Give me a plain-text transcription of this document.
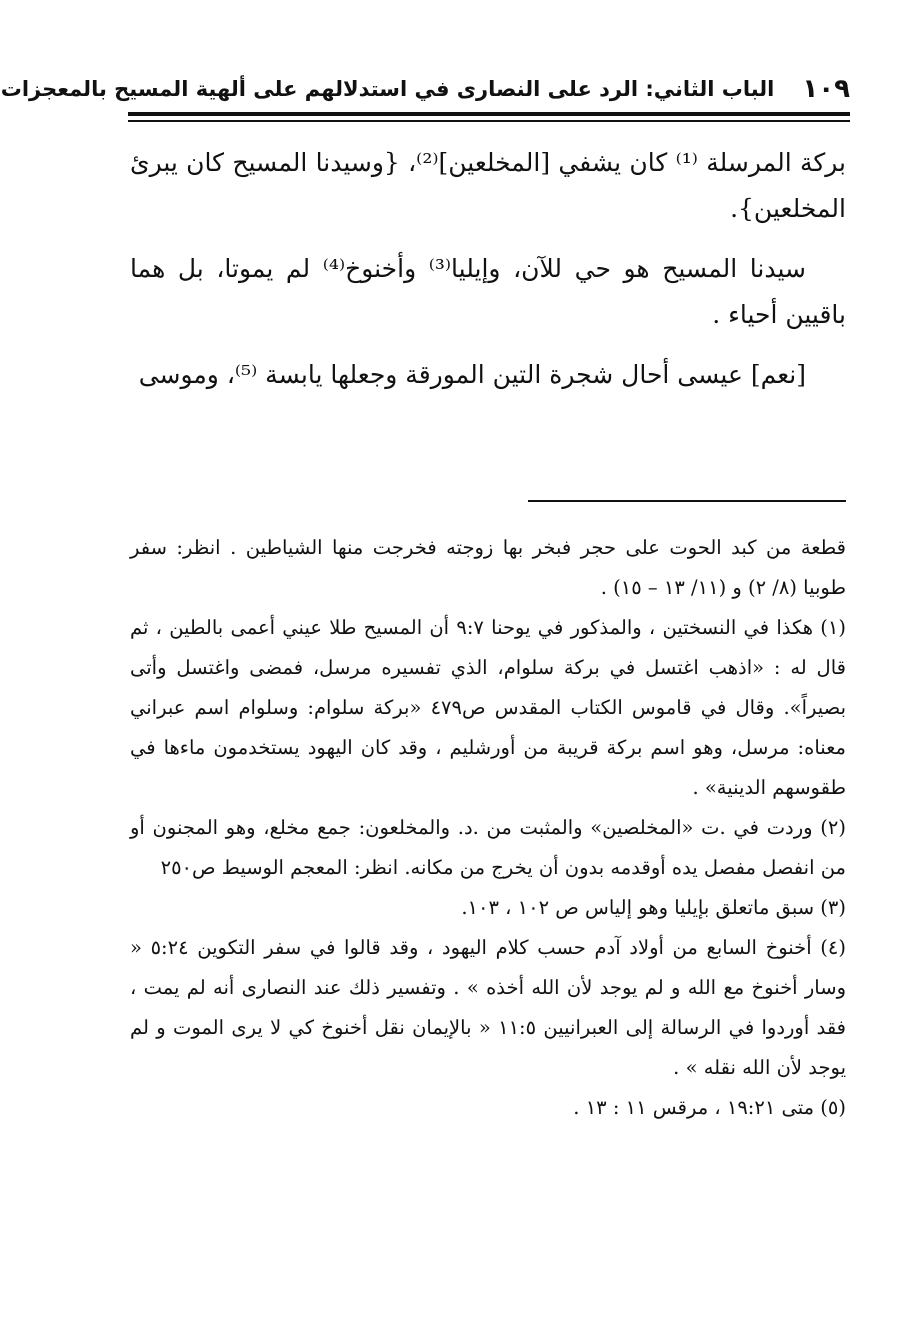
١٠٩
الباب الثاني: الرد على النصارى في استدلالهم على ألهية المسيح بالمعجزات

بركة المرسلة ⁽¹⁾ كان يشفي [المخلعين]⁽²⁾، {وسيدنا المسيح كان يبرئ المخلعين}.

سيدنا المسيح هو حي للآن، وإيليا⁽³⁾ وأخنوخ⁽⁴⁾ لم يموتا، بل هما باقيين أحياء .

[نعم] عيسى أحال شجرة التين المورقة وجعلها يابسة ⁽⁵⁾، وموسى

قطعة من كبد الحوت على حجر فبخر بها زوجته فخرجت منها الشياطين . انظر: سفر طوبيا (٨/ ٢) و (١١/ ١٣ – ١٥) .

(١) هكذا في النسختين ، والمذكور في يوحنا ٩:٧ أن المسيح طلا عيني أعمى بالطين ، ثم قال له : «اذهب اغتسل في بركة سلوام، الذي تفسيره مرسل، فمضى واغتسل وأتى بصيراً». وقال في قاموس الكتاب المقدس ص٤٧٩ «بركة سلوام: وسلوام اسم عبراني معناه: مرسل، وهو اسم بركة قريبة من أورشليم ، وقد كان اليهود يستخدمون ماءها في طقوسهم الدينية» .

(٢) وردت في .ت «المخلصين» والمثبت من .د. والمخلعون: جمع مخلع، وهو المجنون أو من انفصل مفصل يده أوقدمه بدون أن يخرج من مكانه. انظر: المعجم الوسيط ص٢٥٠

(٣) سبق ماتعلق بإيليا وهو إلياس ص ١٠٢ ، ١٠٣.

(٤) أخنوخ السابع من أولاد آدم حسب كلام اليهود ، وقد قالوا في سفر التكوين ٥:٢٤ « وسار أخنوخ مع الله و لم يوجد لأن الله أخذه » . وتفسير ذلك عند النصارى أنه لم يمت ، فقد أوردوا في الرسالة إلى العبرانيين ١١:٥ « بالإيمان نقل أخنوخ كي لا يرى الموت و لم يوجد لأن الله نقله » .

(٥) متى ١٩:٢١ ، مرقس ١١ : ١٣ .
